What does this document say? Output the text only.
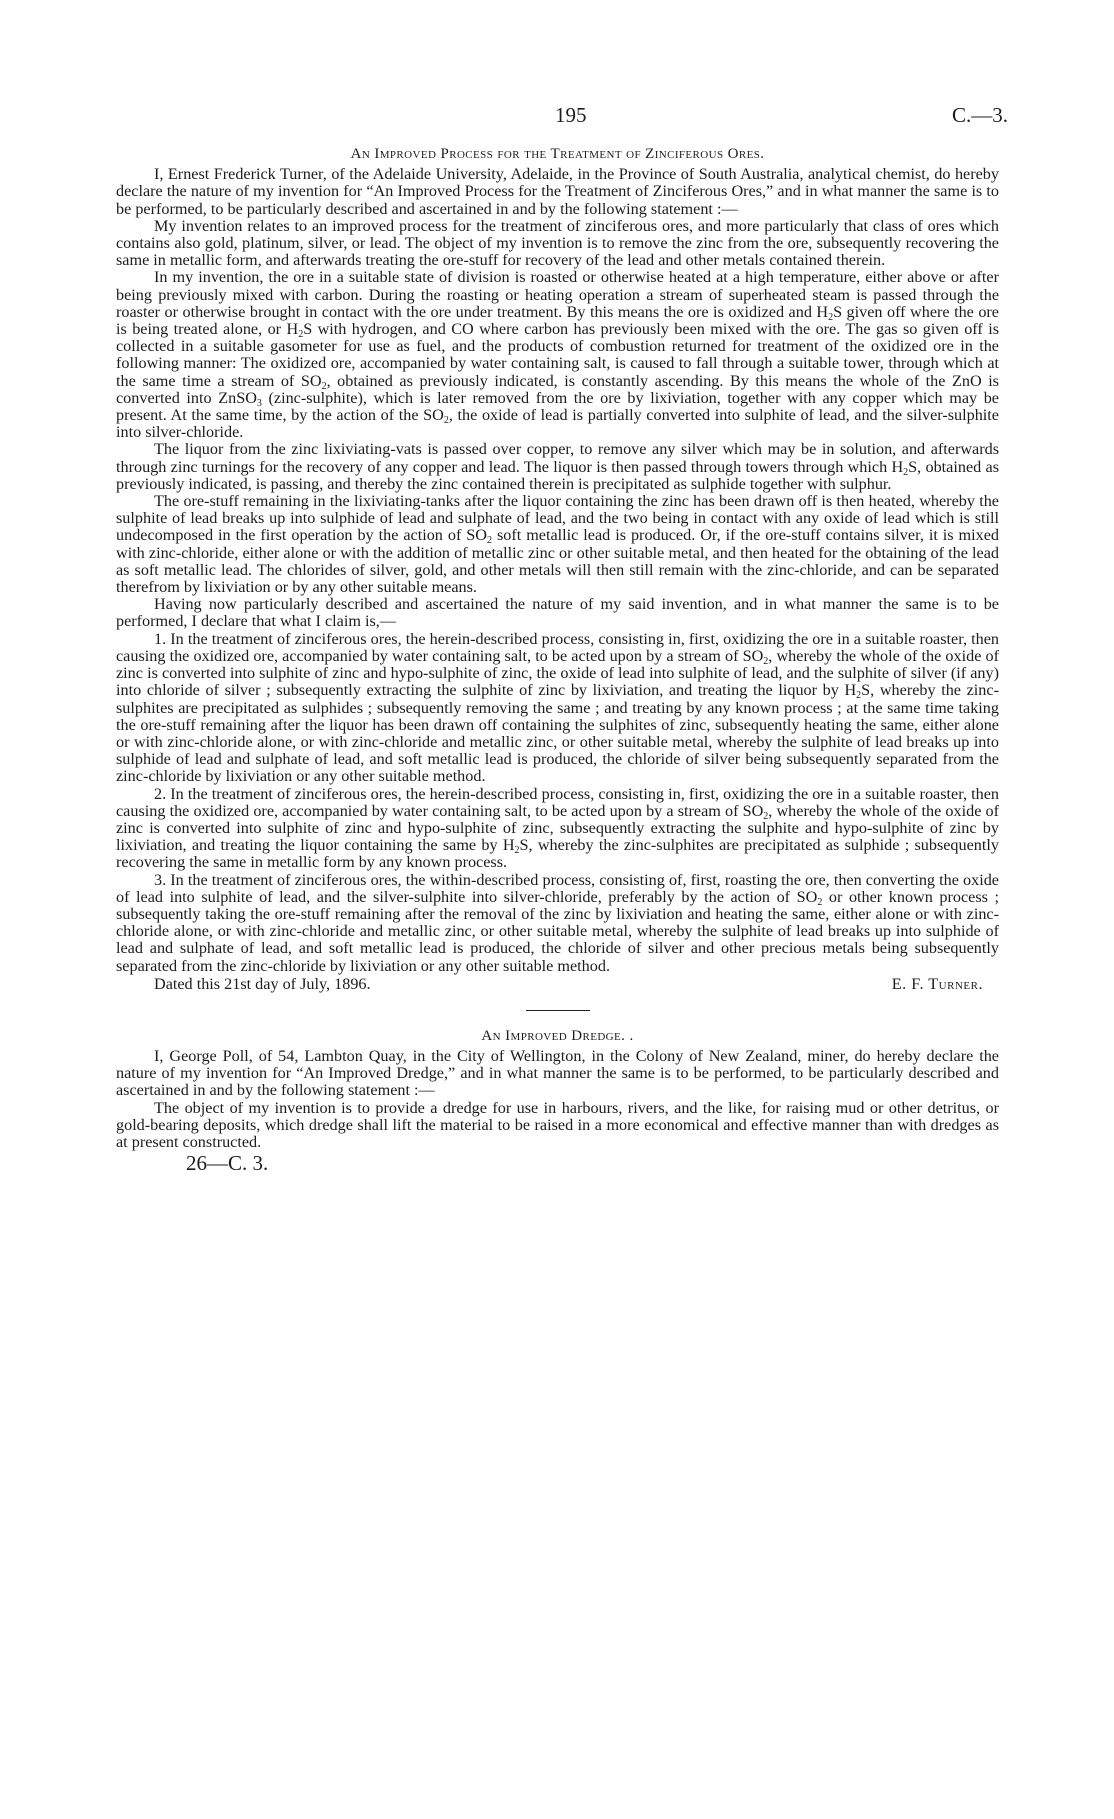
195	C.—3.
An Improved Process for the Treatment of Zinciferous Ores.

I, Ernest Frederick Turner, of the Adelaide University, Adelaide, in the Province of South Australia, analytical chemist, do hereby declare the nature of my invention for “An Improved Process for the Treatment of Zinciferous Ores,” and in what manner the same is to be performed, to be particularly described and ascertained in and by the following statement :—

My invention relates to an improved process for the treatment of zinciferous ores, and more particularly that class of ores which contains also gold, platinum, silver, or lead. The object of my invention is to remove the zinc from the ore, subsequently recovering the same in metallic form, and afterwards treating the ore-stuff for recovery of the lead and other metals contained therein.

In my invention, the ore in a suitable state of division is roasted or otherwise heated at a high temperature, either above or after being previously mixed with carbon. During the roasting or heating operation a stream of superheated steam is passed through the roaster or otherwise brought in contact with the ore under treatment. By this means the ore is oxidized and $H_2S$ given off where the ore is being treated alone, or $H_2S$ with hydrogen, and CO where carbon has previously been mixed with the ore. The gas so given off is collected in a suitable gasometer for use as fuel, and the products of combustion returned for treatment of the oxidized ore in the following manner: The oxidized ore, accompanied by water containing salt, is caused to fall through a suitable tower, through which at the same time a stream of $SO_2$, obtained as previously indicated, is constantly ascending. By this means the whole of the ZnO is converted into ZnSO$_3$ (zinc-sulphite), which is later removed from the ore by lixiviation, together with any copper which may be present. At the same time, by the action of the $SO_2$, the oxide of lead is partially converted into sulphite of lead, and the silver-sulphite into silver-chloride.

The liquor from the zinc lixiviating-vats is passed over copper, to remove any silver which may be in solution, and afterwards through zinc turnings for the recovery of any copper and lead. The liquor is then passed through towers through which $H_2S$, obtained as previously indicated, is passing, and thereby the zinc contained therein is precipitated as sulphide together with sulphur.

The ore-stuff remaining in the lixiviating-tanks after the liquor containing the zinc has been drawn off is then heated, whereby the sulphite of lead breaks up into sulphide of lead and sulphate of lead, and the two being in contact with any oxide of lead which is still undecomposed in the first operation by the action of $SO_2$ soft metallic lead is produced. Or, if the ore-stuff contains silver, it is mixed with zinc-chloride, either alone or with the addition of metallic zinc or other suitable metal, and then heated for the obtaining of the lead as soft metallic lead. The chlorides of silver, gold, and other metals will then still remain with the zinc-chloride, and can be separated therefrom by lixiviation or by any other suitable means.

Having now particularly described and ascertained the nature of my said invention, and in what manner the same is to be performed, I declare that what I claim is,—

1. In the treatment of zinciferous ores, the herein-described process, consisting in, first, oxidizing the ore in a suitable roaster, then causing the oxidized ore, accompanied by water containing salt, to be acted upon by a stream of $SO_2$, whereby the whole of the oxide of zinc is converted into sulphite of zinc and hypo-sulphite of zinc, the oxide of lead into sulphite of lead, and the sulphite of silver (if any) into chloride of silver ; subsequently extracting the sulphite of zinc by lixiviation, and treating the liquor by $H_2S$, whereby the zinc-sulphites are precipitated as sulphides ; subsequently removing the same ; and treating by any known process ; at the same time taking the ore-stuff remaining after the liquor has been drawn off containing the sulphites of zinc, subsequently heating the same, either alone or with zinc-chloride alone, or with zinc-chloride and metallic zinc, or other suitable metal, whereby the sulphite of lead breaks up into sulphide of lead and sulphate of lead, and soft metallic lead is produced, the chloride of silver being subsequently separated from the zinc-chloride by lixiviation or any other suitable method.

2. In the treatment of zinciferous ores, the herein-described process, consisting in, first, oxidizing the ore in a suitable roaster, then causing the oxidized ore, accompanied by water containing salt, to be acted upon by a stream of $SO_2$, whereby the whole of the oxide of zinc is converted into sulphite of zinc and hypo-sulphite of zinc, subsequently extracting the sulphite and hypo-sulphite of zinc by lixiviation, and treating the liquor containing the same by $H_2S$, whereby the zinc-sulphites are precipitated as sulphide ; subsequently recovering the same in metallic form by any known process.

3. In the treatment of zinciferous ores, the within-described process, consisting of, first, roasting the ore, then converting the oxide of lead into sulphite of lead, and the silver-sulphite into silver-chloride, preferably by the action of $SO_2$ or other known process ; subsequently taking the ore-stuff remaining after the removal of the zinc by lixiviation and heating the same, either alone or with zinc-chloride alone, or with zinc-chloride and metallic zinc, or other suitable metal, whereby the sulphite of lead breaks up into sulphide of lead and sulphate of lead, and soft metallic lead is produced, the chloride of silver and other precious metals being subsequently separated from the zinc-chloride by lixiviation or any other suitable method.

Dated this 21st day of July, 1896.	E. F. Turner.
An Improved Dredge. .

I, George Poll, of 54, Lambton Quay, in the City of Wellington, in the Colony of New Zealand, miner, do hereby declare the nature of my invention for “An Improved Dredge,” and in what manner the same is to be performed, to be particularly described and ascertained in and by the following statement :—

The object of my invention is to provide a dredge for use in harbours, rivers, and the like, for raising mud or other detritus, or gold-bearing deposits, which dredge shall lift the material to be raised in a more economical and effective manner than with dredges as at present constructed.

26—C. 3.
